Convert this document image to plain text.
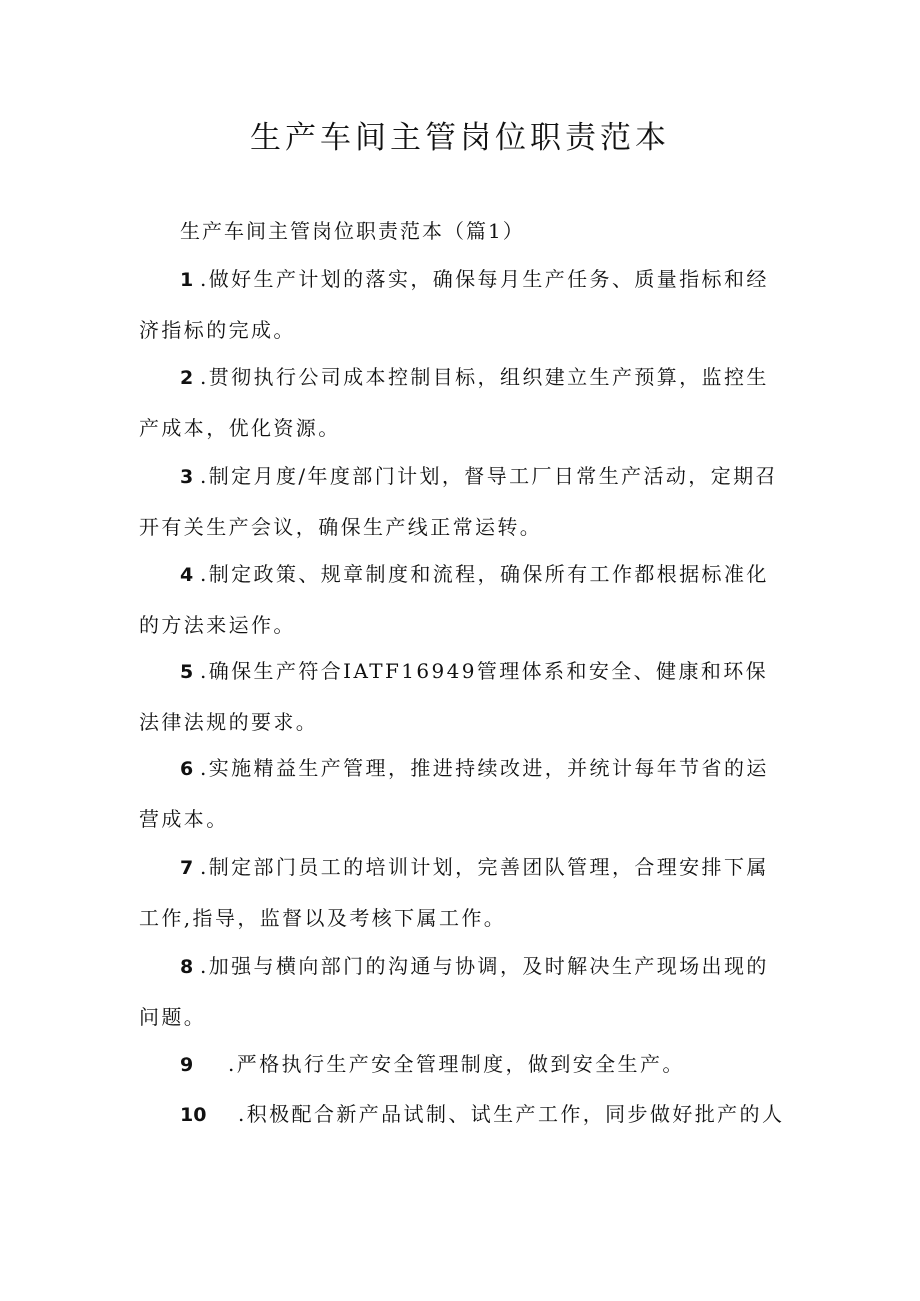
生产车间主管岗位职责范本
生产车间主管岗位职责范本（篇1）
1 .做好生产计划的落实，确保每月生产任务、质量指标和经济指标的完成。
2 .贯彻执行公司成本控制目标，组织建立生产预算，监控生产成本，优化资源。
3 .制定月度/年度部门计划，督导工厂日常生产活动，定期召开有关生产会议，确保生产线正常运转。
4 .制定政策、规章制度和流程，确保所有工作都根据标准化的方法来运作。
5 .确保生产符合IATF16949管理体系和安全、健康和环保法律法规的要求。
6 .实施精益生产管理，推进持续改进，并统计每年节省的运营成本。
7 .制定部门员工的培训计划，完善团队管理，合理安排下属工作,指导，监督以及考核下属工作。
8 .加强与横向部门的沟通与协调，及时解决生产现场出现的问题。
9 .严格执行生产安全管理制度，做到安全生产。
10 .积极配合新产品试制、试生产工作，同步做好批产的人
